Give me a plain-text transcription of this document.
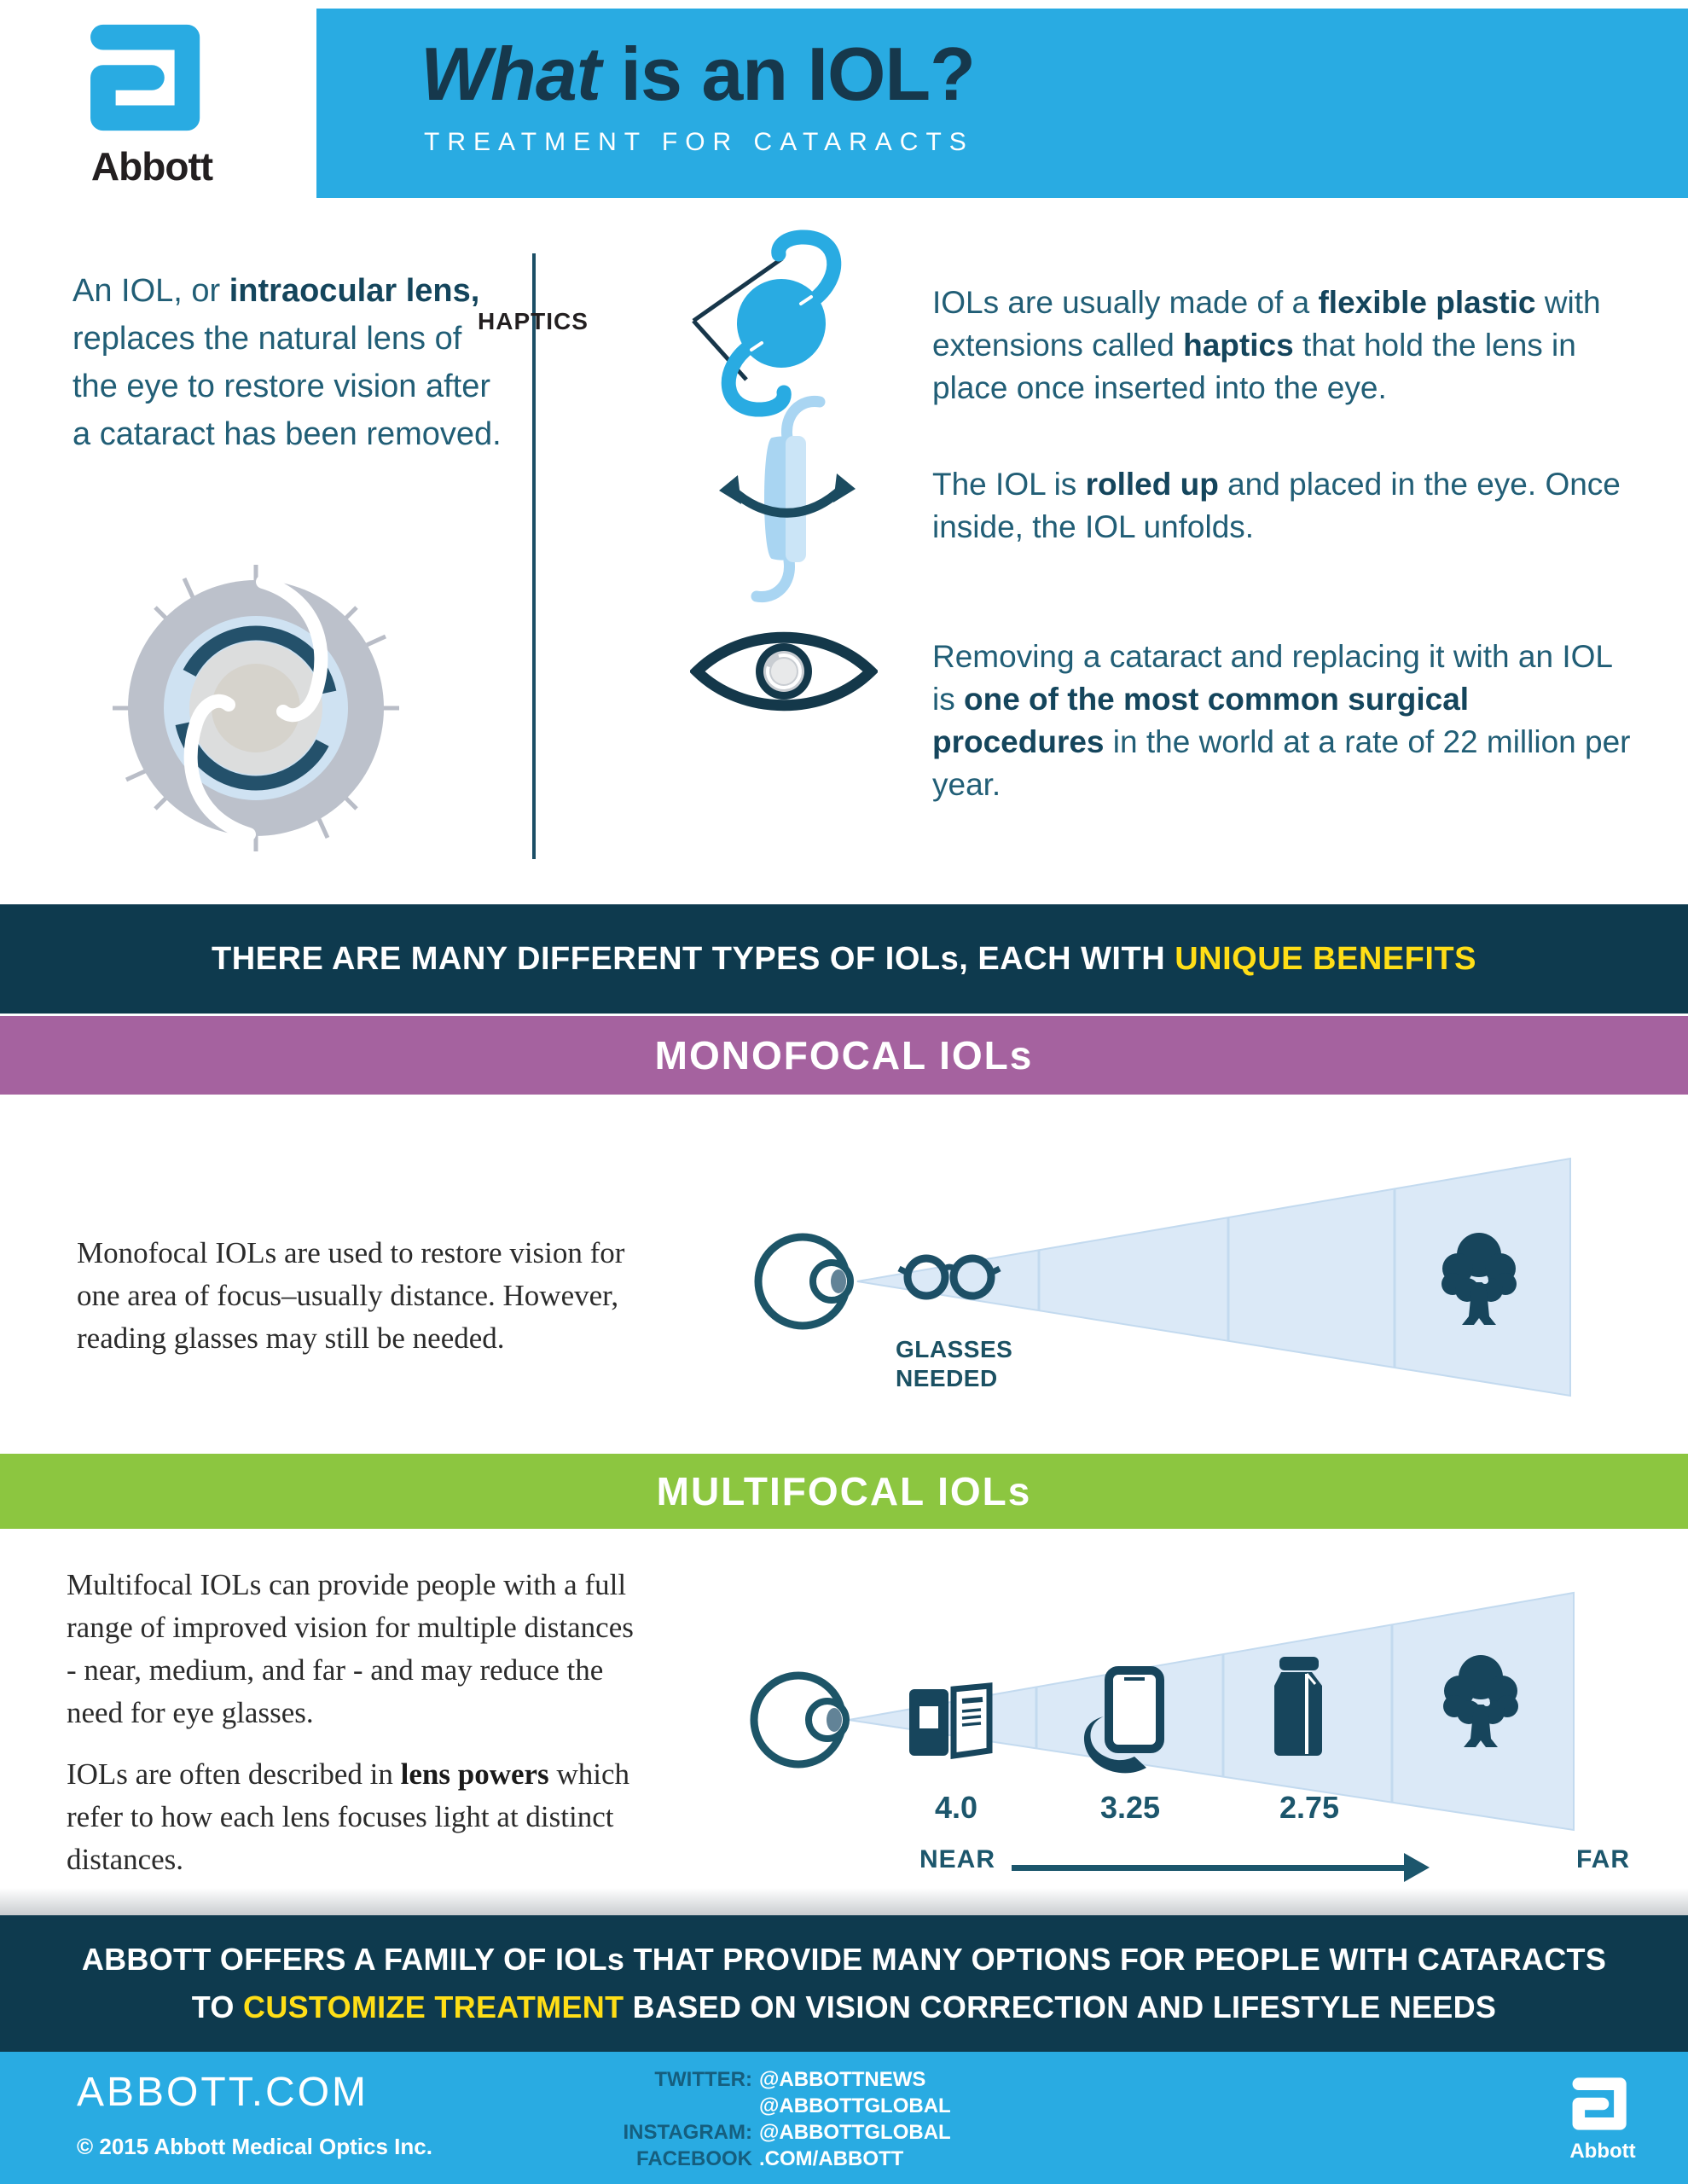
Abbott
What is an IOL?
TREATMENT FOR CATARACTS
An IOL, or intraocular lens, replaces the natural lens of the eye to restore vision after a cataract has been removed.
HAPTICS
IOLs are usually made of a flexible plastic with extensions called haptics that hold the lens in place once inserted into the eye.
The IOL is rolled up and placed in the eye. Once inside, the IOL unfolds.
Removing a cataract and replacing it with an IOL is one of the most common surgical procedures in the world at a rate of 22 million per year.
THERE ARE MANY DIFFERENT TYPES OF IOLs, EACH WITH UNIQUE BENEFITS
MONOFOCAL IOLs
Monofocal IOLs are used to restore vision for one area of focus–usually distance. However, reading glasses may still be needed.	GLASSES
NEEDED
MULTIFOCAL IOLs
Multifocal IOLs can provide people with a full range of improved vision for multiple distances - near, medium, and far - and may reduce the need for eye glasses.
IOLs are often described in lens powers which refer to how each lens focuses light at distinct distances.
4.0	3.25	2.75
NEAR	FAR
ABBOTT OFFERS A FAMILY OF IOLs THAT PROVIDE MANY OPTIONS FOR PEOPLE WITH CATARACTS
TO CUSTOMIZE TREATMENT BASED ON VISION CORRECTION AND LIFESTYLE NEEDS
ABBOTT.COM
© 2015 Abbott Medical Optics Inc.
TWITTER: @ABBOTTNEWS
@ABBOTTGLOBAL
INSTAGRAM: @ABBOTTGLOBAL
FACEBOOK .COM/ABBOTT	Abbott
